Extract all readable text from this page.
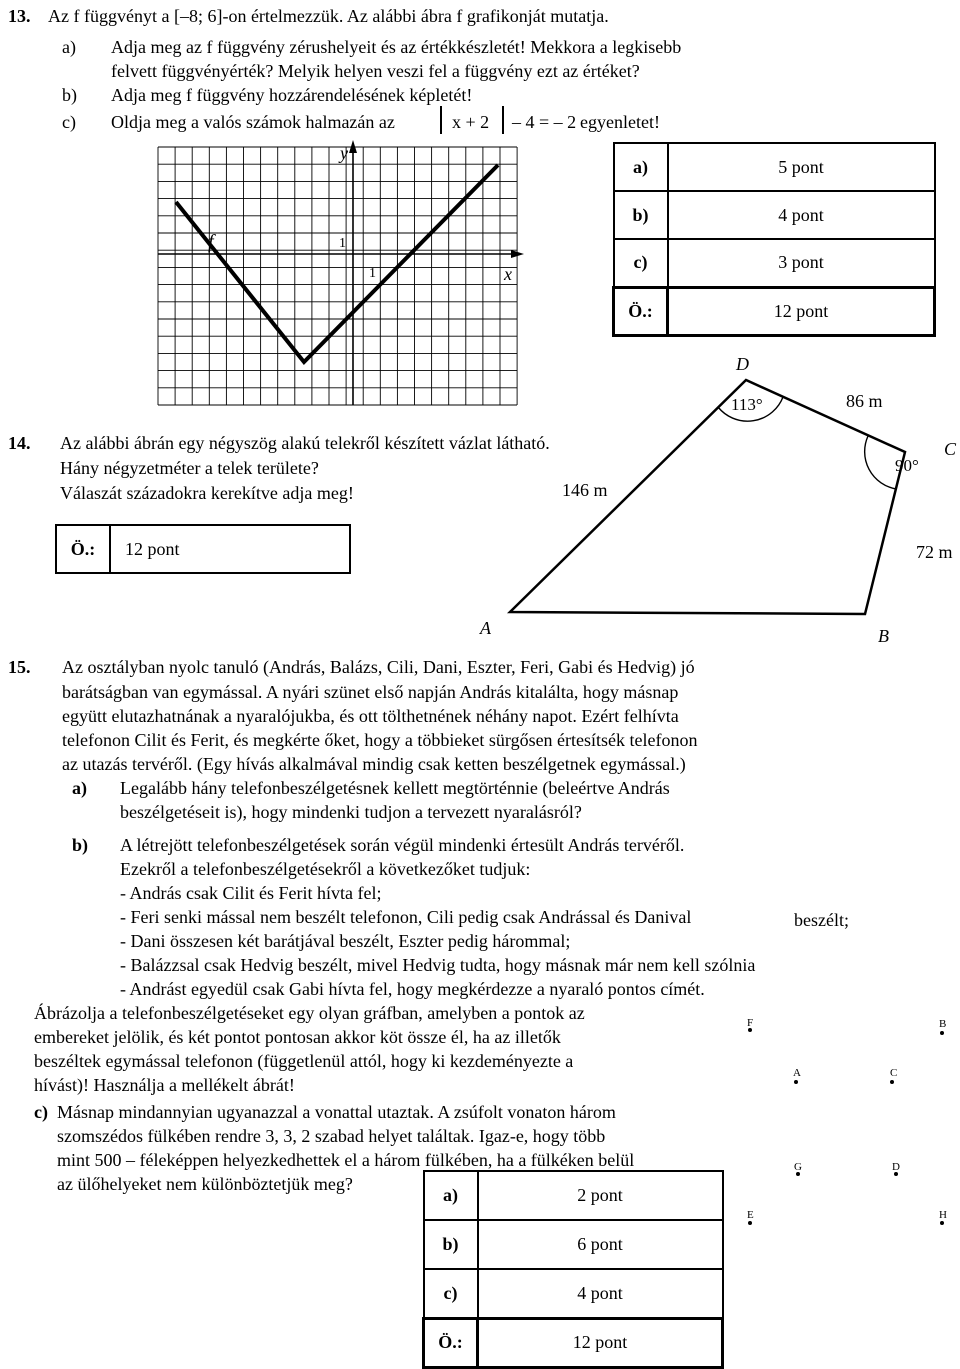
13. Az f függvényt a [–8; 6]-on értelmezzük. Az alábbi ábra f grafikonját mutatja.
a) Adja meg az f függvény zérushelyeit és az értékkészletét! Mekkora a legkisebb
felvett függvényérték? Melyik helyen veszi fel a függvény ezt az értéket?
b) Adja meg f függvény hozzárendelésének képletét!
c) Oldja meg a valós számok halmazán az	x + 2 – 4 = – 2 egyenletet!
y
x
f	1
1
a)	5 pont
b)	4 pont
c)	3 pont
Ö.:	12 pont
14. Az alábbi ábrán egy négyszög alakú telekről készített vázlat látható.
Hány négyzetméter a telek területe?
Válaszát századokra kerekítve adja meg!
Ö.:	12 pont
D
C
A	B
113°
90°
86 m
146 m
72 m
15. Az osztályban nyolc tanuló (András, Balázs, Cili, Dani, Eszter, Feri, Gabi és Hedvig) jó
barátságban van egymással. A nyári szünet első napján András kitalálta, hogy másnap
együtt elutazhatnának a nyaralójukba, és ott tölthetnének néhány napot. Ezért felhívta
telefonon Cilit és Ferit, és megkérte őket, hogy a többieket sürgősen értesítsék telefonon
az utazás tervéről. (Egy hívás alkalmával mindig csak ketten beszélgetnek egymással.)
a) Legalább hány telefonbeszélgetésnek kellett megtörténnie (beleértve András
beszélgetéseit is), hogy mindenki tudjon a tervezett nyaralásról?
b) A létrejött telefonbeszélgetések során végül mindenki értesült András tervéről.
Ezekről a telefonbeszélgetésekről a következőket tudjuk:
- András csak Cilit és Ferit hívta fel;
- Feri senki mással nem beszélt telefonon, Cili pedig csak Andrással és Danival	beszélt;
- Dani összesen két barátjával beszélt, Eszter pedig hárommal;
- Balázzsal csak Hedvig beszélt, mivel Hedvig tudta, hogy másnak már nem kell szólnia
- Andrást egyedül csak Gabi hívta fel, hogy megkérdezze a nyaraló pontos címét.
Ábrázolja a telefonbeszélgetéseket egy olyan gráfban, amelyben a pontok az
embereket jelölik, és két pontot pontosan akkor köt össze él, ha az illetők
beszéltek egymással telefonon (függetlenül attól, hogy ki kezdeményezte a
hívást)! Használja a mellékelt ábrát!
c) Másnap mindannyian ugyanazzal a vonattal utaztak. A zsúfolt vonaton három
szomszédos fülkében rendre 3, 3, 2 szabad helyet találtak. Igaz-e, hogy több
mint 500 – féleképpen helyezkedhettek el a három fülkében, ha a fülkéken belül
az ülőhelyeket nem különböztetjük meg?
F	B
A	C
G	D
E	H
a)	2 pont
b)	6 pont
c)	4 pont
Ö.:	12 pont
